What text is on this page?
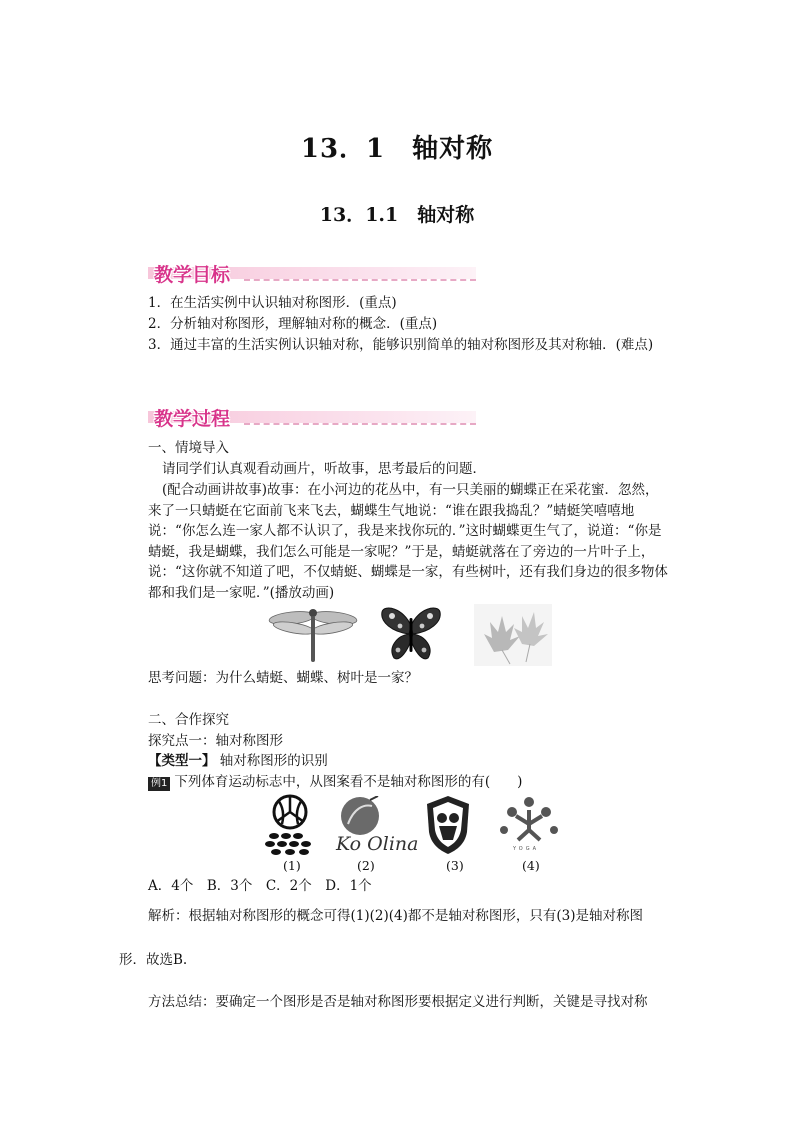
13．1　轴对称
13．1.1　轴对称
教学目标
1．在生活实例中认识轴对称图形．(重点)
2．分析轴对称图形，理解轴对称的概念．(重点)
3．通过丰富的生活实例认识轴对称，能够识别简单的轴对称图形及其对称轴．(难点)
教学过程
一、情境导入
请同学们认真观看动画片，听故事，思考最后的问题．
(配合动画讲故事)故事：在小河边的花丛中，有一只美丽的蝴蝶正在采花蜜．忽然，来了一只蜻蜓在它面前飞来飞去，蝴蝶生气地说：“谁在跟我捣乱？”蜻蜓笑嘻嘻地说：“你怎么连一家人都不认识了，我是来找你玩的．”这时蝴蝶更生气了，说道：“你是蜻蜓，我是蝴蝶，我们怎么可能是一家呢？”于是，蜻蜓就落在了旁边的一片叶子上，说：“这你就不知道了吧，不仅蜻蜓、蝴蝶是一家，有些树叶，还有我们身边的很多物体都和我们是一家呢．”(播放动画)
思考问题：为什么蜻蜓、蝴蝶、树叶是一家？
二、合作探究
探究点一：轴对称图形
【类型一】 轴对称图形的识别
例1 下列体育运动标志中，从图案看不是轴对称图形的有(　　)
Ko Olina	YOGA
(1)	(2)	(3)	(4)
A．4个　B．3个　C．2个　D．1个
解析：根据轴对称图形的概念可得(1)(2)(4)都不是轴对称图形，只有(3)是轴对称图
形．故选B.
方法总结：要确定一个图形是否是轴对称图形要根据定义进行判断，关键是寻找对称
